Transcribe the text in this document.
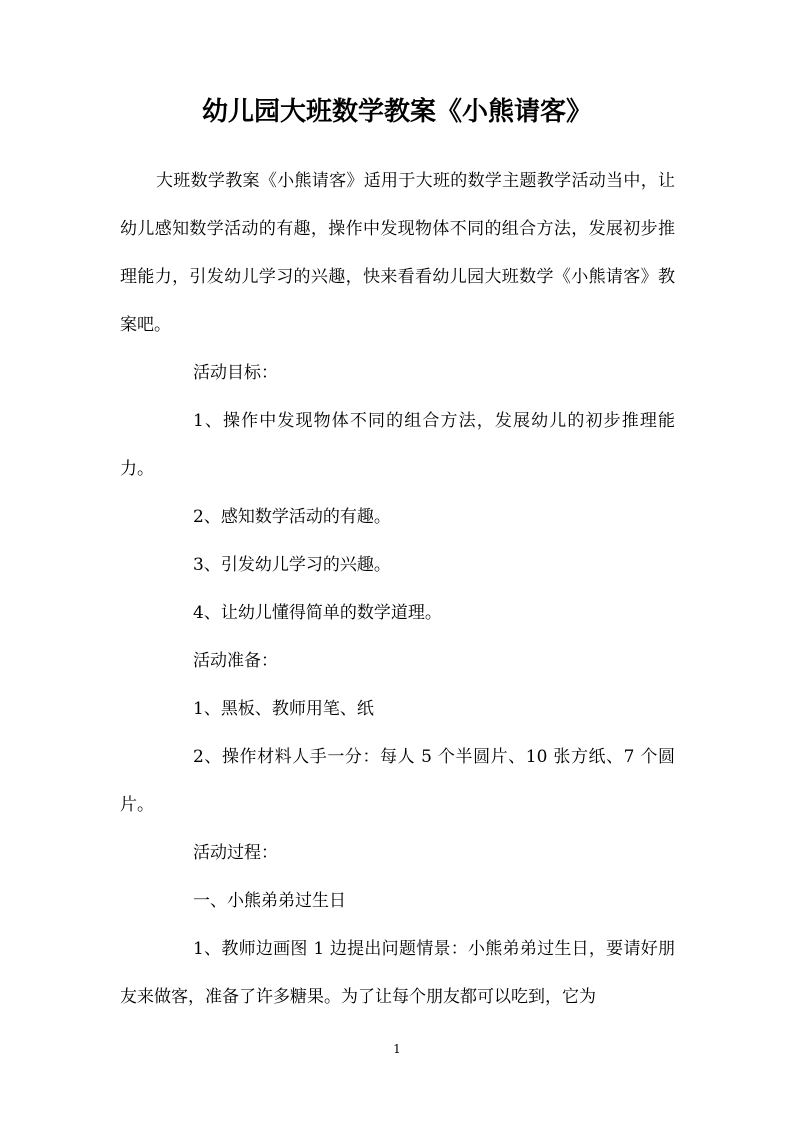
幼儿园大班数学教案《小熊请客》

大班数学教案《小熊请客》适用于大班的数学主题教学活动当中，让幼儿感知数学活动的有趣，操作中发现物体不同的组合方法，发展初步推理能力，引发幼儿学习的兴趣，快来看看幼儿园大班数学《小熊请客》教案吧。

活动目标：

1、操作中发现物体不同的组合方法，发展幼儿的初步推理能力。

2、感知数学活动的有趣。

3、引发幼儿学习的兴趣。

4、让幼儿懂得简单的数学道理。

活动准备：

1、黑板、教师用笔、纸

2、操作材料人手一分：每人 5 个半圆片、10 张方纸、7 个圆片。

活动过程：

一、小熊弟弟过生日

1、教师边画图 1 边提出问题情景：小熊弟弟过生日，要请好朋友来做客，准备了许多糖果。为了让每个朋友都可以吃到，它为

1
